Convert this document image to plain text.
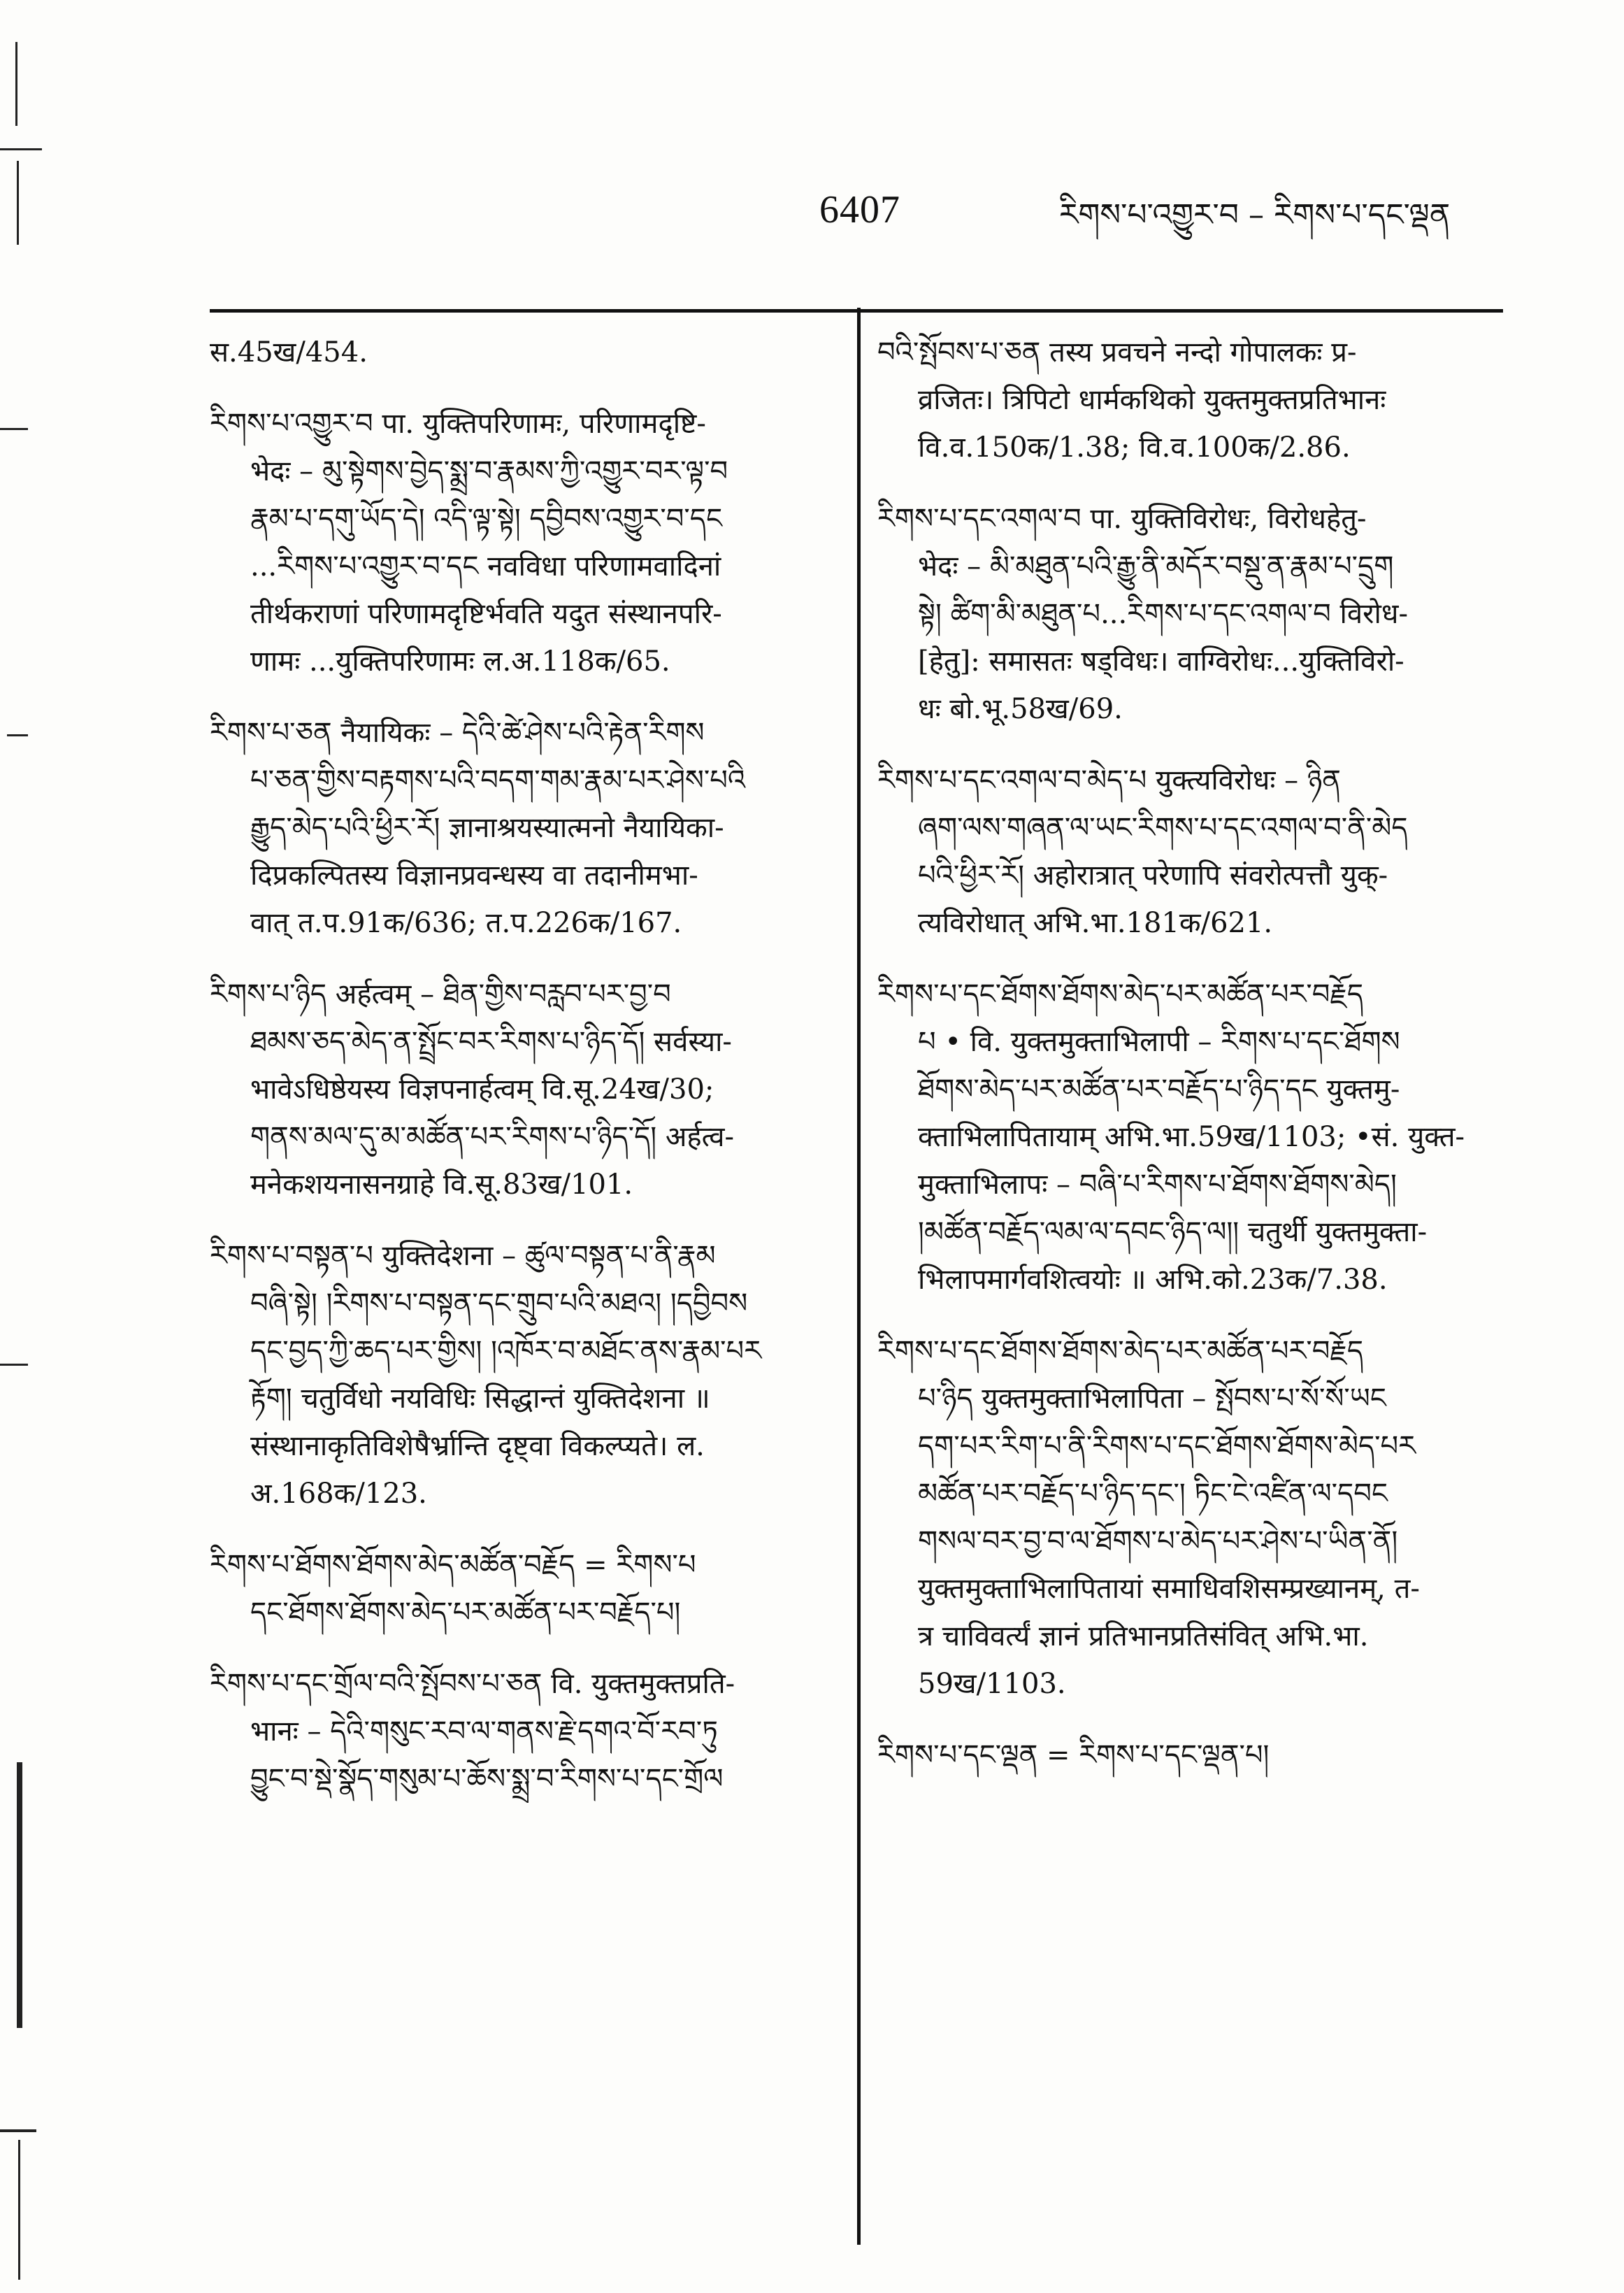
6407	རིགས་པ་འགྱུར་བ – རིགས་པ་དང་ལྡན
स.45ख/454.
རིགས་པ་འགྱུར་བ पा. युक्तिपरिणामः, परिणामदृष्टि-
भेदः – མུ་སྟེགས་བྱེད་སྨྲ་བ་རྣམས་ཀྱི་འགྱུར་བར་ལྟ་བ
རྣམ་པ་དགུ་ཡོད་དེ། འདི་ལྟ་སྟེ། དབྱིབས་འགྱུར་བ་དང
...རིགས་པ་འགྱུར་བ་དང नवविधा परिणामवादिनां
तीर्थकराणां परिणामदृष्टिर्भवति यदुत संस्थानपरि-
णामः ...युक्तिपरिणामः ल.अ.118क/65.
རིགས་པ་ཅན नैयायिकः – དེའི་ཚེ་ཤེས་པའི་རྟེན་རིགས
པ་ཅན་གྱིས་བརྟགས་པའི་བདག་གམ་རྣམ་པར་ཤེས་པའི
རྒྱུད་མེད་པའི་ཕྱིར་རོ། ज्ञानाश्रयस्यात्मनो नैयायिका-
दिप्रकल्पितस्य विज्ञानप्रवन्धस्य वा तदानीमभा-
वात् त.प.91क/636; त.प.226क/167.
རིགས་པ་ཉིད अर्हत्वम् – ཐིན་གྱིས་བརླབ་པར་བྱ་བ
ཐམས་ཅད་མེད་ན་སྤྲོང་བར་རིགས་པ་ཉིད་དོ། सर्वस्या-
भावेऽधिष्ठेयस्य विज्ञपनार्हत्वम् वि.सू.24ख/30;
གནས་མལ་དུ་མ་མཚོན་པར་རིགས་པ་ཉིད་དོ། अर्हत्व-
मनेकशयनासनग्राहे वि.सू.83ख/101.
རིགས་པ་བསྟན་པ युक्तिदेशना – ཚུལ་བསྟན་པ་ནི་རྣམ
བཞི་སྟེ། །རིགས་པ་བསྟན་དང་གྲུབ་པའི་མཐའ། །དབྱིབས
དང་བྱད་ཀྱི་ཆད་པར་གྱིས། །འཁོར་བ་མཐོང་ནས་རྣམ་པར
རྟོག། चतुर्विधो नयविधिः सिद्धान्तं युक्तिदेशना ॥
संस्थानाकृतिविशेषैर्भ्रान्ति दृष्ट्वा विकल्प्यते। ल.
अ.168क/123.
རིགས་པ་ཐོགས་ཐོགས་མེད་མཚོན་བརྗོད = རིགས་པ
དང་ཐོགས་ཐོགས་མེད་པར་མཚོན་པར་བརྗོད་པ།
རིགས་པ་དང་གྲོལ་བའི་སྤོབས་པ་ཅན वि. युक्तमुक्तप्रति-
भानः – དེའི་གསུང་རབ་ལ་གནས་རྗེ་དགའ་བོ་རབ་ཏུ
བྱུང་བ་སྡེ་སྣོད་གསུམ་པ་ཆོས་སྨྲ་བ་རིགས་པ་དང་གྲོལ
བའི་སྤོབས་པ་ཅན तस्य प्रवचने नन्दो गोपालकः प्र-
व्रजितः। त्रिपिटो धार्मकथिको युक्तमुक्तप्रतिभानः
वि.व.150क/1.38; वि.व.100क/2.86.
རིགས་པ་དང་འགལ་བ पा. युक्तिविरोधः, विरोधहेतु-
भेदः – མི་མཐུན་པའི་རྒྱུ་ནི་མདོར་བསྡུ་ན་རྣམ་པ་དྲུག
སྟེ། ཚིག་མི་མཐུན་པ...རིགས་པ་དང་འགལ་བ विरोध-
[हेतु]: समासतः षड्विधः। वाग्विरोधः...युक्तिविरो-
धः बो.भू.58ख/69.
རིགས་པ་དང་འགལ་བ་མེད་པ युक्त्यविरोधः – ཉིན
ཞག་ལས་གཞན་ལ་ཡང་རིགས་པ་དང་འགལ་བ་ནི་མེད
པའི་ཕྱིར་རོ། अहोरात्रात् परेणापि संवरोत्पत्तौ युक्-
त्यविरोधात् अभि.भा.181क/621.
རིགས་པ་དང་ཐོགས་ཐོགས་མེད་པར་མཚོན་པར་བརྗོད
པ • वि. युक्तमुक्ताभिलापी – རིགས་པ་དང་ཐོགས
ཐོགས་མེད་པར་མཚོན་པར་བརྗོད་པ་ཉིད་དང युक्तमु-
क्ताभिलापितायाम् अभि.भा.59ख/1103; •सं. युक्त-
मुक्ताभिलापः – བཞི་པ་རིགས་པ་ཐོགས་ཐོགས་མེད།
།མཚོན་བརྗོད་ལམ་ལ་དབང་ཉིད་ལ།། चतुर्थी युक्तमुक्ता-
भिलापमार्गवशित्वयोः ॥ अभि.को.23क/7.38.
རིགས་པ་དང་ཐོགས་ཐོགས་མེད་པར་མཚོན་པར་བརྗོད
པ་ཉིད युक्तमुक्ताभिलापिता – སྤོབས་པ་སོ་སོ་ཡང
དག་པར་རིག་པ་ནི་རིགས་པ་དང་ཐོགས་ཐོགས་མེད་པར
མཚོན་པར་བརྗོད་པ་ཉིད་དང་། ཏིང་ངེ་འཛིན་ལ་དབང
གསལ་བར་བྱ་བ་ལ་ཐོགས་པ་མེད་པར་ཤེས་པ་ཡིན་ནོ།
युक्तमुक्ताभिलापितायां समाधिवशिसम्प्रख्यानम्, त-
त्र चाविवर्त्यं ज्ञानं प्रतिभानप्रतिसंवित् अभि.भा.
59ख/1103.
རིགས་པ་དང་ལྡན = རིགས་པ་དང་ལྡན་པ།
